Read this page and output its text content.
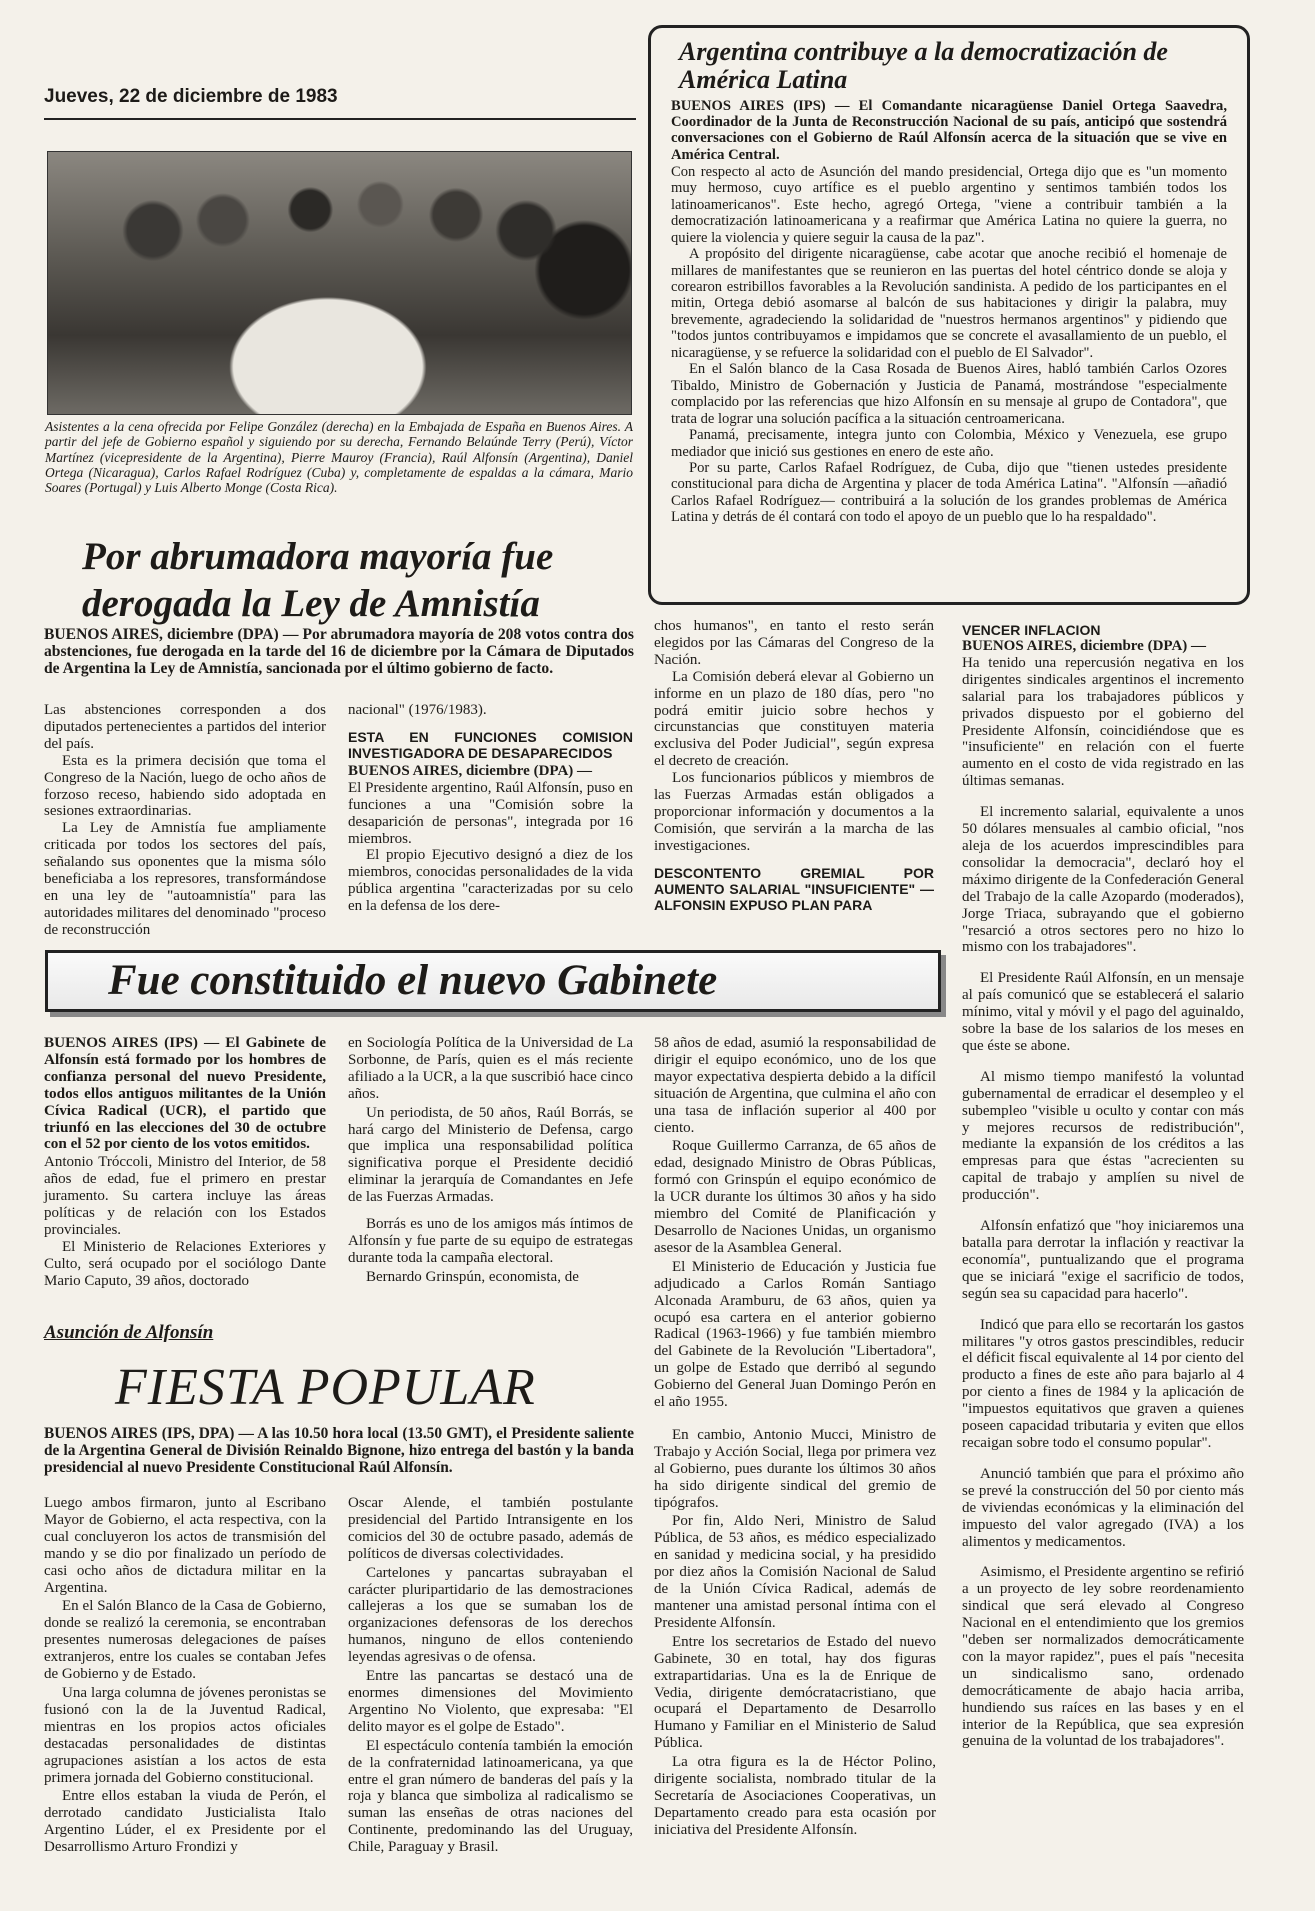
Jueves, 22 de diciembre de 1983
Asistentes a la cena ofrecida por Felipe González (derecha) en la Embajada de España en Buenos Aires. A partir del jefe de Gobierno español y siguiendo por su derecha, Fernando Belaúnde Terry (Perú), Víctor Martínez (vicepresidente de la Argentina), Pierre Mauroy (Francia), Raúl Alfonsín (Argentina), Daniel Ortega (Nicaragua), Carlos Rafael Rodríguez (Cuba) y, completamente de espaldas a la cámara, Mario Soares (Portugal) y Luis Alberto Monge (Costa Rica).
Argentina contribuye a la democratización de América Latina
BUENOS AIRES (IPS) — El Comandante nicaragüense Daniel Ortega Saavedra, Coordinador de la Junta de Reconstrucción Nacional de su país, anticipó que sostendrá conversaciones con el Gobierno de Raúl Alfonsín acerca de la situación que se vive en América Central.

Con respecto al acto de Asunción del mando presidencial, Ortega dijo que es "un momento muy hermoso, cuyo artífice es el pueblo argentino y sentimos también todos los latinoamericanos". Este hecho, agregó Ortega, "viene a contribuir también a la democratización latinoamericana y a reafirmar que América Latina no quiere la guerra, no quiere la violencia y quiere seguir la causa de la paz".

A propósito del dirigente nicaragüense, cabe acotar que anoche recibió el homenaje de millares de manifestantes que se reunieron en las puertas del hotel céntrico donde se aloja y corearon estribillos favorables a la Revolución sandinista. A pedido de los participantes en el mitin, Ortega debió asomarse al balcón de sus habitaciones y dirigir la palabra, muy brevemente, agradeciendo la solidaridad de "nuestros hermanos argentinos" y pidiendo que "todos juntos contribuyamos e impidamos que se concrete el avasallamiento de un pueblo, el nicaragüense, y se refuerce la solidaridad con el pueblo de El Salvador".

En el Salón blanco de la Casa Rosada de Buenos Aires, habló también Carlos Ozores Tibaldo, Ministro de Gobernación y Justicia de Panamá, mostrándose "especialmente complacido por las referencias que hizo Alfonsín en su mensaje al grupo de Contadora", que trata de lograr una solución pacífica a la situación centroamericana.

Panamá, precisamente, integra junto con Colombia, México y Venezuela, ese grupo mediador que inició sus gestiones en enero de este año.

Por su parte, Carlos Rafael Rodríguez, de Cuba, dijo que "tienen ustedes presidente constitucional para dicha de Argentina y placer de toda América Latina". "Alfonsín —añadió Carlos Rafael Rodríguez— contribuirá a la solución de los grandes problemas de América Latina y detrás de él contará con todo el apoyo de un pueblo que lo ha respaldado".

Por abrumadora mayoría fue derogada la Ley de Amnistía
BUENOS AIRES, diciembre (DPA) — Por abrumadora mayoría de 208 votos contra dos abstenciones, fue derogada en la tarde del 16 de diciembre por la Cámara de Diputados de Argentina la Ley de Amnistía, sancionada por el último gobierno de facto.

Las abstenciones corresponden a dos diputados pertenecientes a partidos del interior del país.

Esta es la primera decisión que toma el Congreso de la Nación, luego de ocho años de forzoso receso, habiendo sido adoptada en sesiones extraordinarias.

La Ley de Amnistía fue ampliamente criticada por todos los sectores del país, señalando sus oponentes que la misma sólo beneficiaba a los represores, transformándose en una ley de "autoamnistía" para las autoridades militares del denominado "proceso de reconstrucción

nacional" (1976/1983).

ESTA EN FUNCIONES COMISION INVESTIGADORA DE DESAPARECIDOS
BUENOS AIRES, diciembre (DPA) —

El Presidente argentino, Raúl Alfonsín, puso en funciones a una "Comisión sobre la desaparición de personas", integrada por 16 miembros.

El propio Ejecutivo designó a diez de los miembros, conocidas personalidades de la vida pública argentina "caracterizadas por su celo en la defensa de los dere-

chos humanos", en tanto el resto serán elegidos por las Cámaras del Congreso de la Nación.

La Comisión deberá elevar al Gobierno un informe en un plazo de 180 días, pero "no podrá emitir juicio sobre hechos y circunstancias que constituyen materia exclusiva del Poder Judicial", según expresa el decreto de creación.

Los funcionarios públicos y miembros de las Fuerzas Armadas están obligados a proporcionar información y documentos a la Comisión, que servirán a la marcha de las investigaciones.

DESCONTENTO GREMIAL POR AUMENTO SALARIAL "INSUFICIENTE" — ALFONSIN EXPUSO PLAN PARA
VENCER INFLACION
BUENOS AIRES, diciembre (DPA) —

Ha tenido una repercusión negativa en los dirigentes sindicales argentinos el incremento salarial para los trabajadores públicos y privados dispuesto por el gobierno del Presidente Alfonsín, coincidiéndose que es "insuficiente" en relación con el fuerte aumento en el costo de vida registrado en las últimas semanas.

El incremento salarial, equivalente a unos 50 dólares mensuales al cambio oficial, "nos aleja de los acuerdos imprescindibles para consolidar la democracia", declaró hoy el máximo dirigente de la Confederación General del Trabajo de la calle Azopardo (moderados), Jorge Triaca, subrayando que el gobierno "resarció a otros sectores pero no hizo lo mismo con los trabajadores".

El Presidente Raúl Alfonsín, en un mensaje al país comunicó que se establecerá el salario mínimo, vital y móvil y el pago del aguinaldo, sobre la base de los salarios de los meses en que éste se abone.

Al mismo tiempo manifestó la voluntad gubernamental de erradicar el desempleo y el subempleo "visible u oculto y contar con más y mejores recursos de redistribución", mediante la expansión de los créditos a las empresas para que éstas "acrecienten su capital de trabajo y amplíen su nivel de producción".

Alfonsín enfatizó que "hoy iniciaremos una batalla para derrotar la inflación y reactivar la economía", puntualizando que el programa que se iniciará "exige el sacrificio de todos, según sea su capacidad para hacerlo".

Indicó que para ello se recortarán los gastos militares "y otros gastos prescindibles, reducir el déficit fiscal equivalente al 14 por ciento del producto a fines de este año para bajarlo al 4 por ciento a fines de 1984 y la aplicación de "impuestos equitativos que graven a quienes poseen capacidad tributaria y eviten que ellos recaigan sobre todo el consumo popular".

Anunció también que para el próximo año se prevé la construcción del 50 por ciento más de viviendas económicas y la eliminación del impuesto del valor agregado (IVA) a los alimentos y medicamentos.

Asimismo, el Presidente argentino se refirió a un proyecto de ley sobre reordenamiento sindical que será elevado al Congreso Nacional en el entendimiento que los gremios "deben ser normalizados democráticamente con la mayor rapidez", pues el país "necesita un sindicalismo sano, ordenado democráticamente de abajo hacia arriba, hundiendo sus raíces en las bases y en el interior de la República, que sea expresión genuina de la voluntad de los trabajadores".

Fue constituido el nuevo Gabinete
BUENOS AIRES (IPS) — El Gabinete de Alfonsín está formado por los hombres de confianza personal del nuevo Presidente, todos ellos antiguos militantes de la Unión Cívica Radical (UCR), el partido que triunfó en las elecciones del 30 de octubre con el 52 por ciento de los votos emitidos.

Antonio Tróccoli, Ministro del Interior, de 58 años de edad, fue el primero en prestar juramento. Su cartera incluye las áreas políticas y de relación con los Estados provinciales.

El Ministerio de Relaciones Exteriores y Culto, será ocupado por el sociólogo Dante Mario Caputo, 39 años, doctorado

en Sociología Política de la Universidad de La Sorbonne, de París, quien es el más reciente afiliado a la UCR, a la que suscribió hace cinco años.

Un periodista, de 50 años, Raúl Borrás, se hará cargo del Ministerio de Defensa, cargo que implica una responsabilidad política significativa porque el Presidente decidió eliminar la jerarquía de Comandantes en Jefe de las Fuerzas Armadas.

Borrás es uno de los amigos más íntimos de Alfonsín y fue parte de su equipo de estrategas durante toda la campaña electoral.

Bernardo Grinspún, economista, de

58 años de edad, asumió la responsabilidad de dirigir el equipo económico, uno de los que mayor expectativa despierta debido a la difícil situación de Argentina, que culmina el año con una tasa de inflación superior al 400 por ciento.

Roque Guillermo Carranza, de 65 años de edad, designado Ministro de Obras Públicas, formó con Grinspún el equipo económico de la UCR durante los últimos 30 años y ha sido miembro del Comité de Planificación y Desarrollo de Naciones Unidas, un organismo asesor de la Asamblea General.

El Ministerio de Educación y Justicia fue adjudicado a Carlos Román Santiago Alconada Aramburu, de 63 años, quien ya ocupó esa cartera en el anterior gobierno Radical (1963-1966) y fue también miembro del Gabinete de la Revolución "Libertadora", un golpe de Estado que derribó al segundo Gobierno del General Juan Domingo Perón en el año 1955.

En cambio, Antonio Mucci, Ministro de Trabajo y Acción Social, llega por primera vez al Gobierno, pues durante los últimos 30 años ha sido dirigente sindical del gremio de tipógrafos.

Por fin, Aldo Neri, Ministro de Salud Pública, de 53 años, es médico especializado en sanidad y medicina social, y ha presidido por diez años la Comisión Nacional de Salud de la Unión Cívica Radical, además de mantener una amistad personal íntima con el Presidente Alfonsín.

Entre los secretarios de Estado del nuevo Gabinete, 30 en total, hay dos figuras extrapartidarias. Una es la de Enrique de Vedia, dirigente demócratacristiano, que ocupará el Departamento de Desarrollo Humano y Familiar en el Ministerio de Salud Pública.

La otra figura es la de Héctor Polino, dirigente socialista, nombrado titular de la Secretaría de Asociaciones Cooperativas, un Departamento creado para esta ocasión por iniciativa del Presidente Alfonsín.

Asunción de Alfonsín
FIESTA POPULAR
BUENOS AIRES (IPS, DPA) — A las 10.50 hora local (13.50 GMT), el Presidente saliente de la Argentina General de División Reinaldo Bignone, hizo entrega del bastón y la banda presidencial al nuevo Presidente Constitucional Raúl Alfonsín.

Luego ambos firmaron, junto al Escribano Mayor de Gobierno, el acta respectiva, con la cual concluyeron los actos de transmisión del mando y se dio por finalizado un período de casi ocho años de dictadura militar en la Argentina.

En el Salón Blanco de la Casa de Gobierno, donde se realizó la ceremonia, se encontraban presentes numerosas delegaciones de países extranjeros, entre los cuales se contaban Jefes de Gobierno y de Estado.

Una larga columna de jóvenes peronistas se fusionó con la de la Juventud Radical, mientras en los propios actos oficiales destacadas personalidades de distintas agrupaciones asistían a los actos de esta primera jornada del Gobierno constitucional.

Entre ellos estaban la viuda de Perón, el derrotado candidato Justicialista Italo Argentino Lúder, el ex Presidente por el Desarrollismo Arturo Frondizi y

Oscar Alende, el también postulante presidencial del Partido Intransigente en los comicios del 30 de octubre pasado, además de políticos de diversas colectividades.

Cartelones y pancartas subrayaban el carácter pluripartidario de las demostraciones callejeras a los que se sumaban los de organizaciones defensoras de los derechos humanos, ninguno de ellos conteniendo leyendas agresivas o de ofensa.

Entre las pancartas se destacó una de enormes dimensiones del Movimiento Argentino No Violento, que expresaba: "El delito mayor es el golpe de Estado".

El espectáculo contenía también la emoción de la confraternidad latinoamericana, ya que entre el gran número de banderas del país y la roja y blanca que simboliza al radicalismo se suman las enseñas de otras naciones del Continente, predominando las del Uruguay, Chile, Paraguay y Brasil.
